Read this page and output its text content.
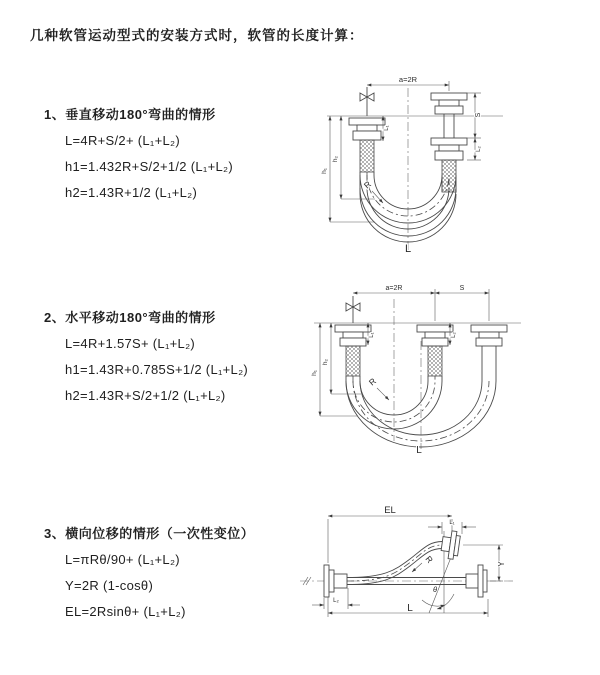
几种软管运动型式的安装方式时，软管的长度计算：
1、垂直移动180°弯曲的情形
L=4R+S/2+ (L₁+L₂)
h1=1.432R+S/2+1/2 (L₁+L₂)
h2=1.43R+1/2 (L₁+L₂)
a=2R
S
L₂
L₁
h₁
h₂
R
L
2、水平移动180°弯曲的情形
L=4R+1.57S+ (L₁+L₂)
h1=1.43R+0.785S+1/2 (L₁+L₂)
h2=1.43R+S/2+1/2 (L₁+L₂)
a=2R	S
h₁
h₂
L₁	L₂
R
L
3、横向位移的情形（一次性变位）
L=πRθ/90+ (L₁+L₂)
Y=2R (1-cosθ)
EL=2Rsinθ+ (L₁+L₂)
EL
L₁
θ
R	Y
L₂
L
